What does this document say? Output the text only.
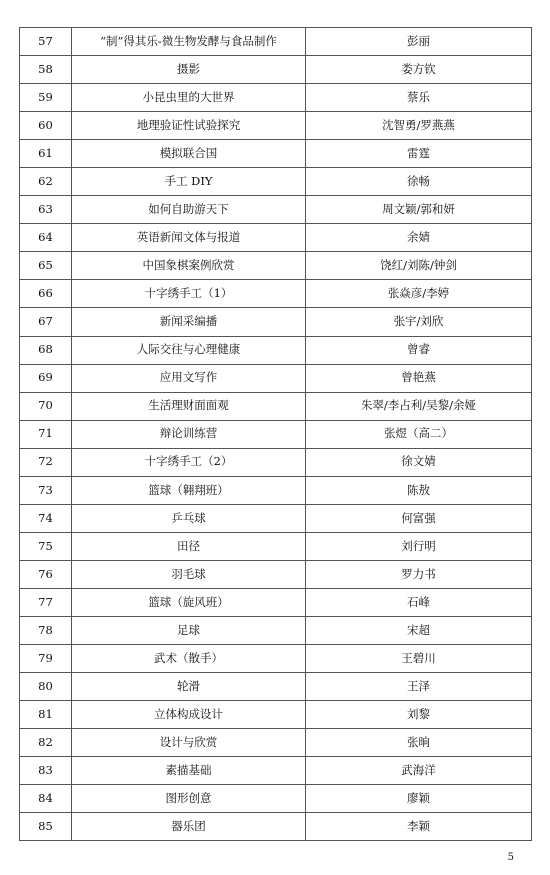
57	“制”得其乐-微生物发酵与食品制作	彭丽
58	摄影	娄方钦
59	小昆虫里的大世界	蔡乐
60	地理验证性试验探究	沈智勇/罗燕燕
61	模拟联合国	雷霆
62	手工 DIY	徐畅
63	如何自助游天下	周文颖/郭和妍
64	英语新闻文体与报道	余婧
65	中国象棋案例欣赏	饶红/刘陈/钟剑
66	十字绣手工（1）	张焱彦/李婷
67	新闻采编播	张宇/刘欣
68	人际交往与心理健康	曾睿
69	应用文写作	曾艳燕
70	生活理财面面观	朱翠/李占利/吴黎/余娅
71	辩论训练营	张煜（高二）
72	十字绣手工（2）	徐文婧
73	篮球（翱翔班）	陈敖
74	乒乓球	何富强
75	田径	刘行明
76	羽毛球	罗力书
77	篮球（旋风班）	石峰
78	足球	宋超
79	武术（散手）	王碧川
80	轮滑	王泽
81	立体构成设计	刘黎
82	设计与欣赏	张晌
83	素描基础	武海洋
84	图形创意	廖颖
85	器乐团	李颖
5
